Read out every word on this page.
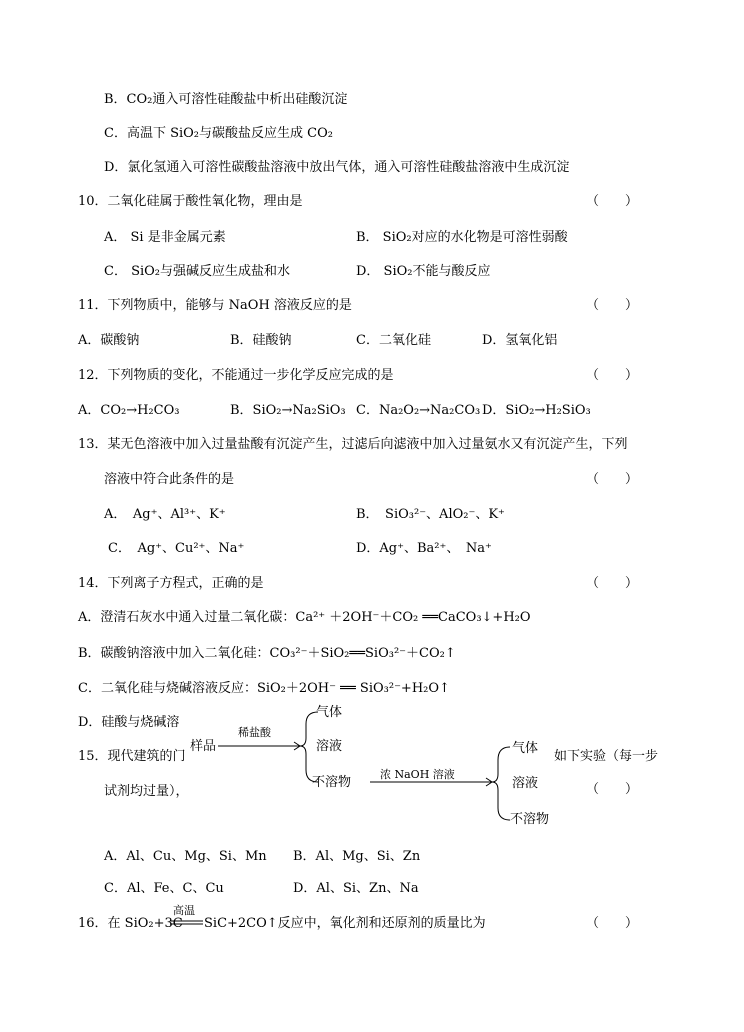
B．CO₂通入可溶性硅酸盐中析出硅酸沉淀
C．高温下 SiO₂与碳酸盐反应生成 CO₂
D．氯化氢通入可溶性碳酸盐溶液中放出气体，通入可溶性硅酸盐溶液中生成沉淀
10．二氧化硅属于酸性氧化物，理由是	（　　）
A． Si 是非金属元素	B． SiO₂对应的水化物是可溶性弱酸
C． SiO₂与强碱反应生成盐和水	D． SiO₂不能与酸反应
11．下列物质中，能够与 NaOH 溶液反应的是	（　　）
A．碳酸钠	B．硅酸钠	C．二氧化硅	D．氢氧化铝
12．下列物质的变化，不能通过一步化学反应完成的是	（　　）
A．CO₂→H₂CO₃	B．SiO₂→Na₂SiO₃ C．Na₂O₂→Na₂CO₃ D．SiO₂→H₂SiO₃
13．某无色溶液中加入过量盐酸有沉淀产生，过滤后向滤液中加入过量氨水又有沉淀产生，下列
溶液中符合此条件的是	（　　）
A．　Ag⁺、Al³⁺、K⁺	B．　SiO₃²⁻、AlO₂⁻、K⁺
C．　Ag⁺、Cu²⁺、Na⁺	D．Ag⁺、Ba²⁺、　Na⁺
14．下列离子方程式，正确的是	（　　）
A．澄清石灰水中通入过量二氧化碳：Ca²⁺ ＋2OH⁻＋CO₂ ══CaCO₃↓+H₂O
B．碳酸钠溶液中加入二氧化硅：CO₃²⁻＋SiO₂══SiO₃²⁻＋CO₂↑
C．二氧化硅与烧碱溶液反应：SiO₂＋2OH⁻ ══ SiO₃²⁻+H₂O↑
D．硅酸与烧碱溶
15．现代建筑的门	如下实验（每一步
试剂均过量），	（　　）
稀盐酸
样品
气体
溶液
不溶物
浓 NaOH 溶液
气体
溶液
不溶物
A．Al、Cu、Mg、Si、Mn B．Al、Mg、Si、Zn
C．Al、Fe、C、Cu	D．Al、Si、Zn、Na
16．在 SiO₂+3C
高温
SiC+2CO↑反应中，氧化剂和还原剂的质量比为	（　　）
